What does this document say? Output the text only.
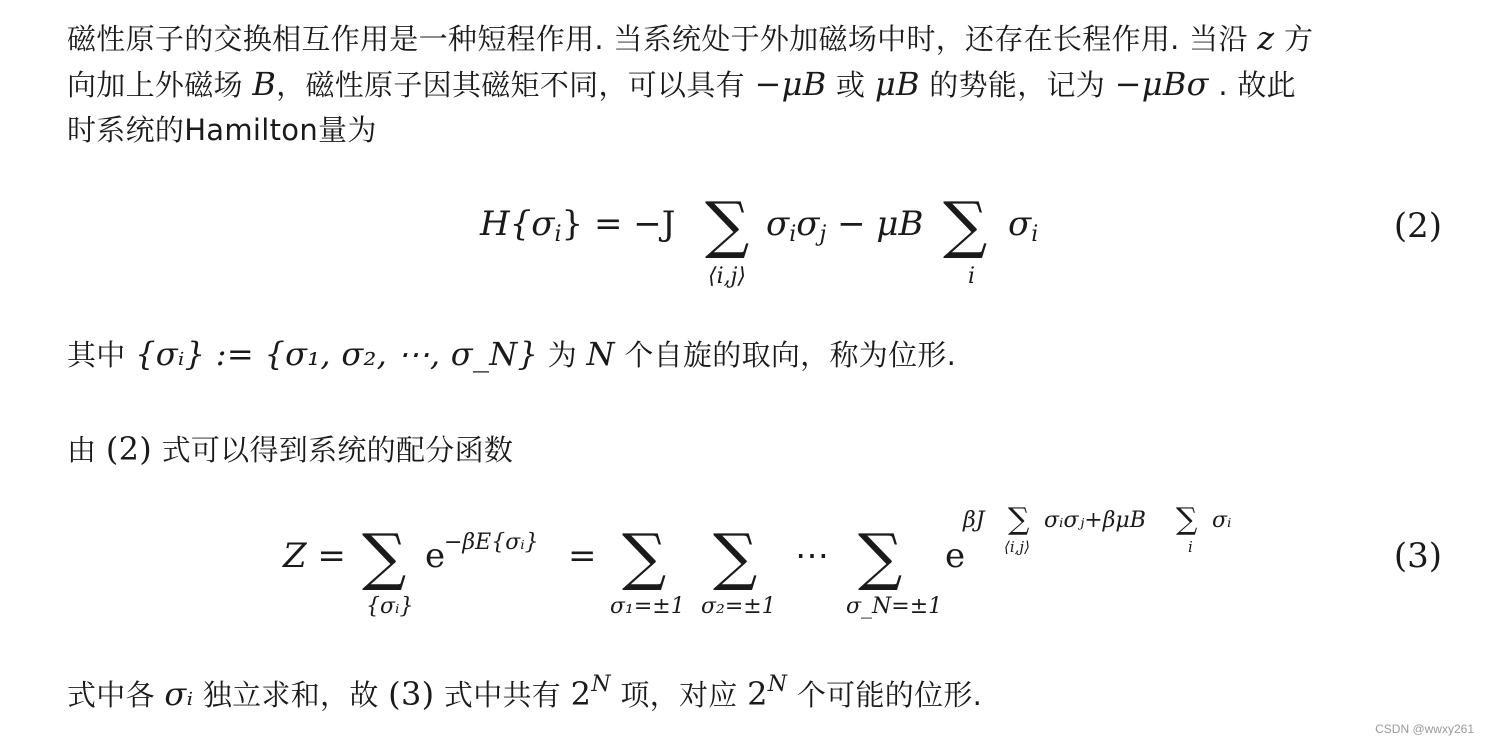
磁性原子的交换相互作用是一种短程作用. 当系统处于外加磁场中时，还存在长程作用. 当沿 z 方
向加上外磁场 B，磁性原子因其磁矩不同，可以具有 −μB 或 μB 的势能，记为 −μBσ . 故此
时系统的Hamilton量为
$H\{\sigma_i\} = -J$ ∑
⟨i,j⟩
$\sigma_i\sigma_j - \mu B$ ∑
i
$\sigma_i$	(2)
其中 {σᵢ} := {σ₁, σ₂, ⋯, σ_N} 为 N 个自旋的取向，称为位形.
由 (2) 式可以得到系统的配分函数
Z = ∑
{σᵢ}
e
−βE{σᵢ} = ∑
σ₁=±1
∑
σ₂=±1
⋯ ∑
σ_N=±1
e
βJ ∑
⟨i,j⟩
σᵢσⱼ+βμB ∑
i
σᵢ
(3)
式中各 σᵢ 独立求和，故 (3) 式中共有 $2^N$ 项，对应 $2^N$ 个可能的位形.
CSDN @wwxy261
